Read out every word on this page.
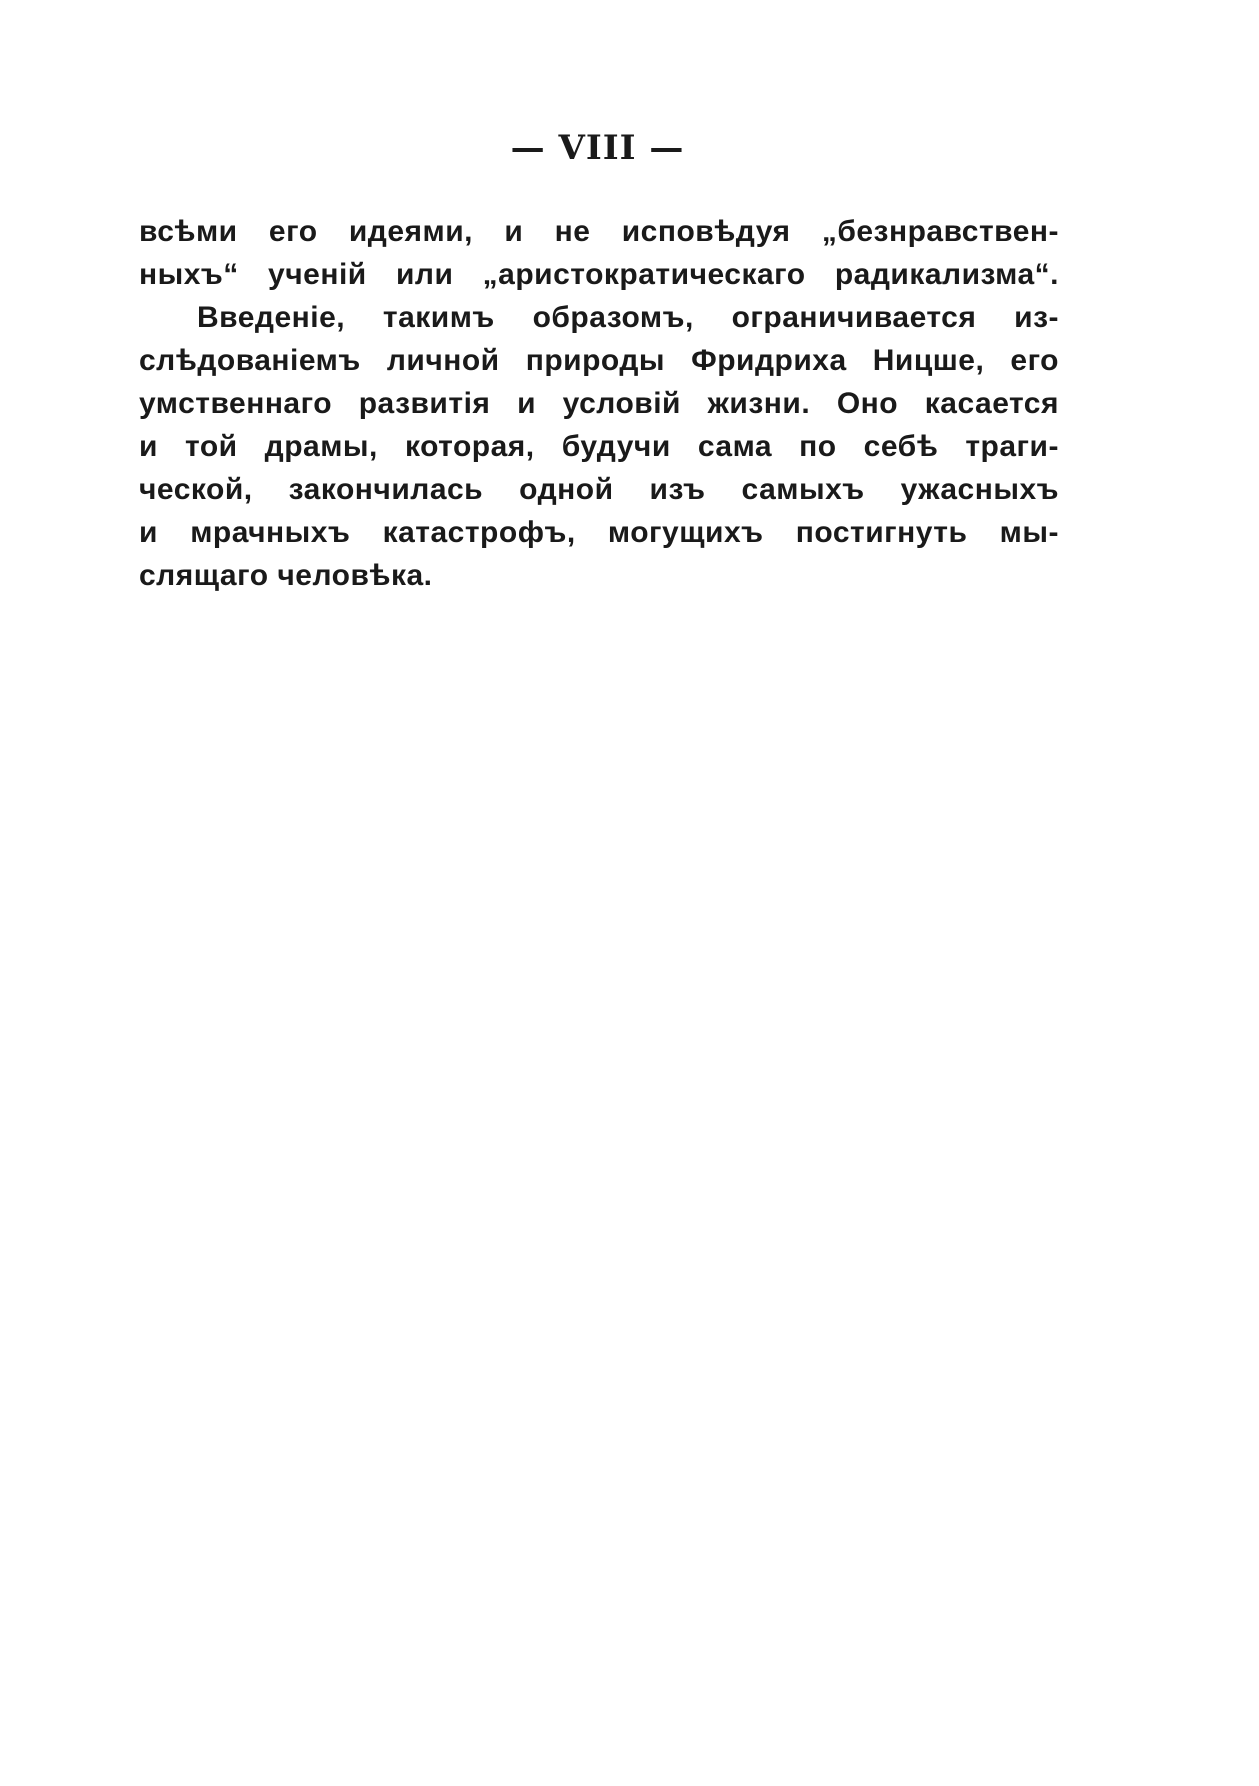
— VIII —
всѣми его идеями, и не исповѣдуя „безнравствен-
ныхъ“ ученій или „аристократическаго радикализма“.
Введеніе, такимъ образомъ, ограничивается из-
слѣдованіемъ личной природы Фридриха Ницше, его
умственнаго развитія и условій жизни. Оно касается
и той драмы, которая, будучи сама по себѣ траги-
ческой, закончилась одной изъ самыхъ ужасныхъ
и мрачныхъ катастрофъ, могущихъ постигнуть мы-
слящаго человѣка.
